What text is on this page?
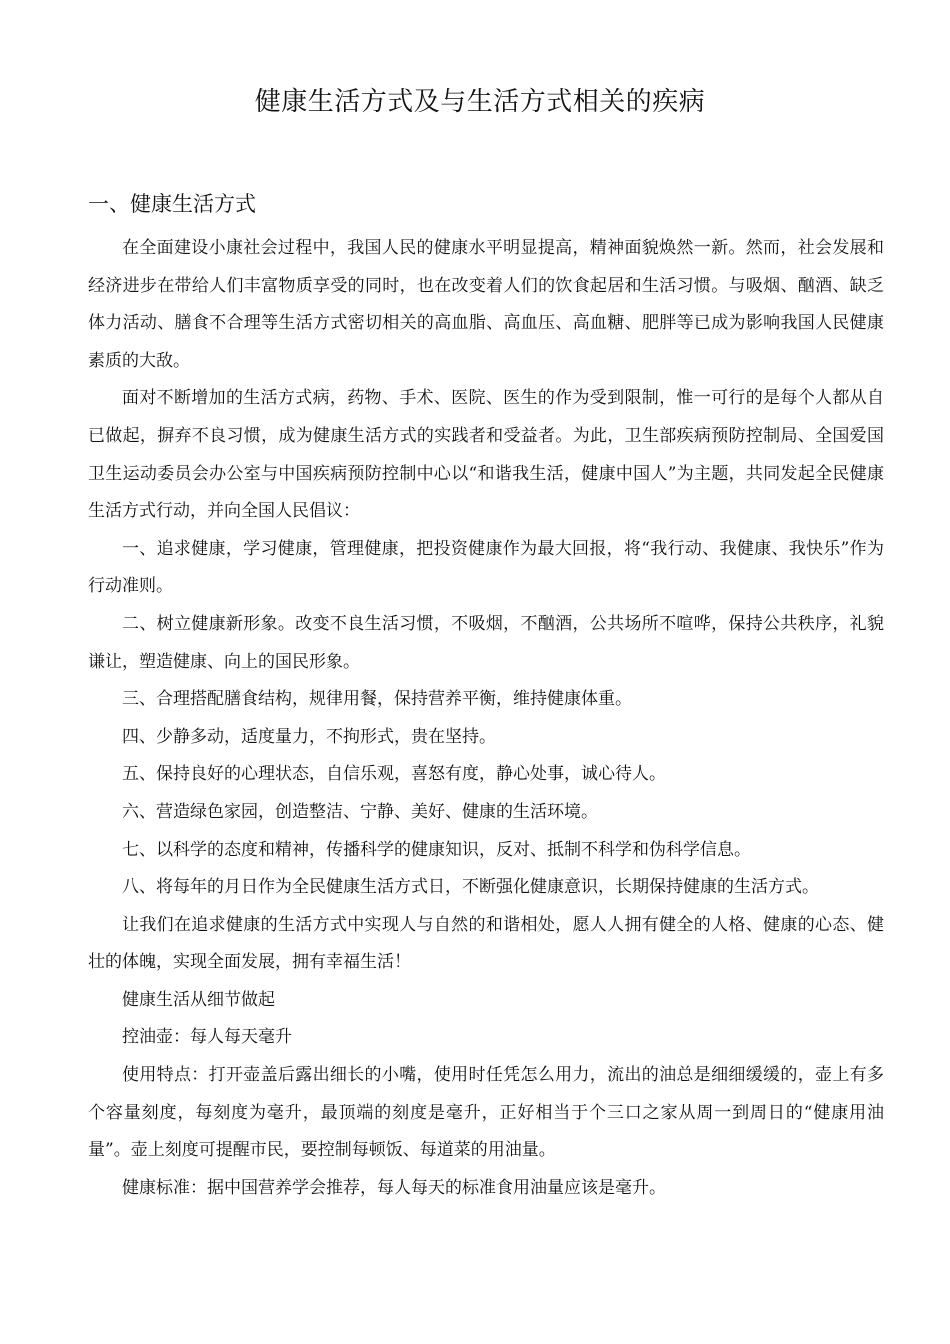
健康生活方式及与生活方式相关的疾病
一、健康生活方式

在全面建设小康社会过程中，我国人民的健康水平明显提高，精神面貌焕然一新。然而，社会发展和经济进步在带给人们丰富物质享受的同时，也在改变着人们的饮食起居和生活习惯。与吸烟、酗酒、缺乏体力活动、膳食不合理等生活方式密切相关的高血脂、高血压、高血糖、肥胖等已成为影响我国人民健康素质的大敌。

面对不断增加的生活方式病，药物、手术、医院、医生的作为受到限制，惟一可行的是每个人都从自已做起，摒弃不良习惯，成为健康生活方式的实践者和受益者。为此，卫生部疾病预防控制局、全国爱国卫生运动委员会办公室与中国疾病预防控制中心以“和谐我生活，健康中国人”为主题，共同发起全民健康生活方式行动，并向全国人民倡议：

一、追求健康，学习健康，管理健康，把投资健康作为最大回报，将“我行动、我健康、我快乐”作为行动准则。

二、树立健康新形象。改变不良生活习惯，不吸烟，不酗酒，公共场所不喧哗，保持公共秩序，礼貌谦让，塑造健康、向上的国民形象。

三、合理搭配膳食结构，规律用餐，保持营养平衡，维持健康体重。

四、少静多动，适度量力，不拘形式，贵在坚持。

五、保持良好的心理状态，自信乐观，喜怒有度，静心处事，诚心待人。

六、营造绿色家园，创造整洁、宁静、美好、健康的生活环境。

七、以科学的态度和精神，传播科学的健康知识，反对、抵制不科学和伪科学信息。

八、将每年的月日作为全民健康生活方式日，不断强化健康意识，长期保持健康的生活方式。

让我们在追求健康的生活方式中实现人与自然的和谐相处，愿人人拥有健全的人格、健康的心态、健壮的体魄，实现全面发展，拥有幸福生活！

健康生活从细节做起

控油壶：每人每天毫升

使用特点：打开壶盖后露出细长的小嘴，使用时任凭怎么用力，流出的油总是细细缓缓的，壶上有多个容量刻度，每刻度为毫升，最顶端的刻度是毫升，正好相当于个三口之家从周一到周日的“健康用油量”。壶上刻度可提醒市民，要控制每顿饭、每道菜的用油量。

健康标准：据中国营养学会推荐，每人每天的标准食用油量应该是毫升。
